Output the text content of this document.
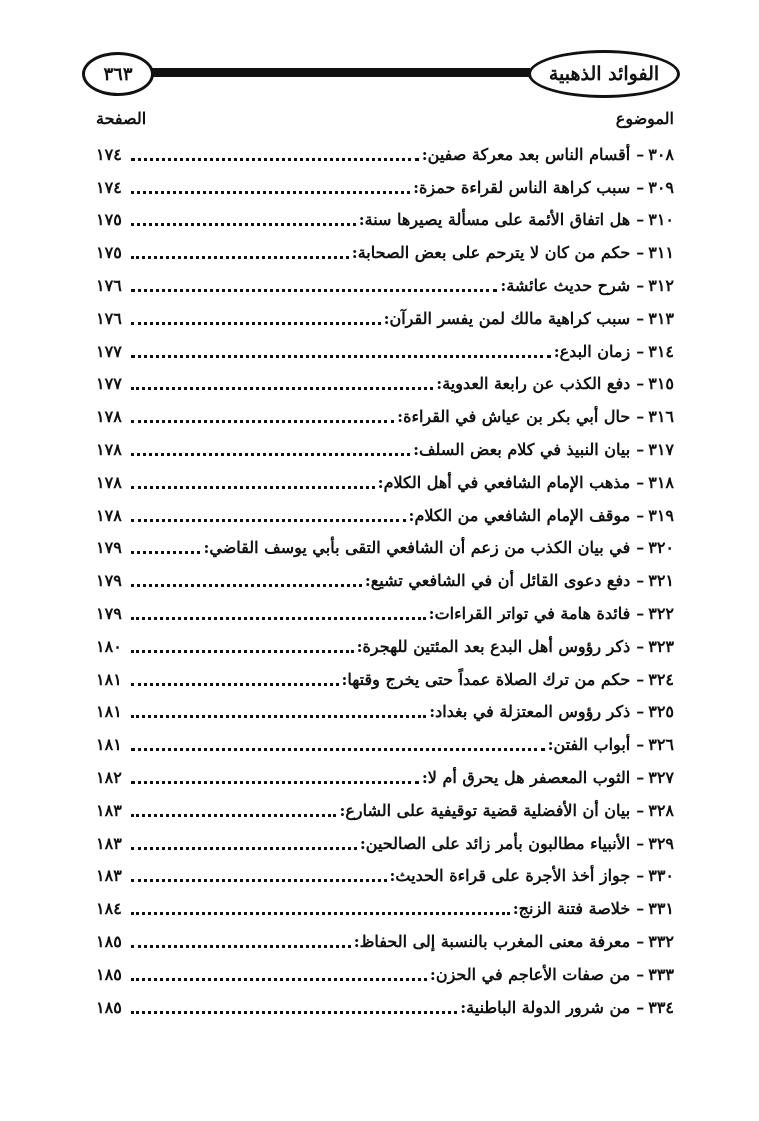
الفوائد الذهبية
٣٦٣
الموضوع
الصفحة
٣٠٨
–
أقسام الناس بعد معركة صفين:
١٧٤
٣٠٩
–
سبب كراهة الناس لقراءة حمزة:
١٧٤
٣١٠
–
هل اتفاق الأئمة على مسألة يصيرها سنة:
١٧٥
٣١١
–
حكم من كان لا يترحم على بعض الصحابة:
١٧٥
٣١٢
–
شرح حديث عائشة:
١٧٦
٣١٣
–
سبب كراهية مالك لمن يفسر القرآن:
١٧٦
٣١٤
–
زمان البدع:
١٧٧
٣١٥
–
دفع الكذب عن رابعة العدوية:
١٧٧
٣١٦
–
حال أبي بكر بن عياش في القراءة:
١٧٨
٣١٧
–
بيان النبيذ في كلام بعض السلف:
١٧٨
٣١٨
–
مذهب الإمام الشافعي في أهل الكلام:
١٧٨
٣١٩
–
موقف الإمام الشافعي من الكلام:
١٧٨
٣٢٠
–
في بيان الكذب من زعم أن الشافعي التقى بأبي يوسف القاضي:
١٧٩
٣٢١
–
دفع دعوى القائل أن في الشافعي تشيع:
١٧٩
٣٢٢
–
فائدة هامة في تواتر القراءات:
١٧٩
٣٢٣
–
ذكر رؤوس أهل البدع بعد المئتين للهجرة:
١٨٠
٣٢٤
–
حكم من ترك الصلاة عمداً حتى يخرج وقتها:
١٨١
٣٢٥
–
ذكر رؤوس المعتزلة في بغداد:
١٨١
٣٢٦
–
أبواب الفتن:
١٨١
٣٢٧
–
الثوب المعصفر هل يحرق أم لا:
١٨٢
٣٢٨
–
بيان أن الأفضلية قضية توقيفية على الشارع:
١٨٣
٣٢٩
–
الأنبياء مطالبون بأمر زائد على الصالحين:
١٨٣
٣٣٠
–
جواز أخذ الأجرة على قراءة الحديث:
١٨٣
٣٣١
–
خلاصة فتنة الزنج:
١٨٤
٣٣٢
–
معرفة معنى المغرب بالنسبة إلى الحفاظ:
١٨٥
٣٣٣
–
من صفات الأعاجم في الحزن:
١٨٥
٣٣٤
–
من شرور الدولة الباطنية:
١٨٥
